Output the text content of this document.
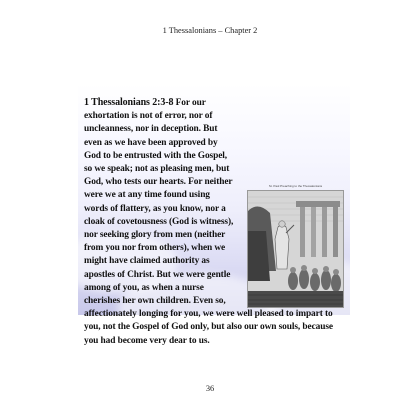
1 Thessalonians – Chapter 2
1 Thessalonians 2:3-8 For our exhortation is not of error, nor of uncleanness, nor in deception. But even as we have been approved by God to be entrusted with the Gospel, so we speak; not as pleasing men, but God, who tests our hearts. For neither were we at any time found using words of flattery, as you know, nor a cloak of covetousness (God is witness), nor seeking glory from men (neither from you nor from others), when we might have claimed authority as apostles of Christ. But we were gentle among of you, as when a nurse cherishes her own children. Even so, affectionately longing for you, we were well pleased to impart to you, not the Gospel of God only, but also our own souls, because you had become very dear to us.
St. Paul Preaching to the Thessalonians
36
